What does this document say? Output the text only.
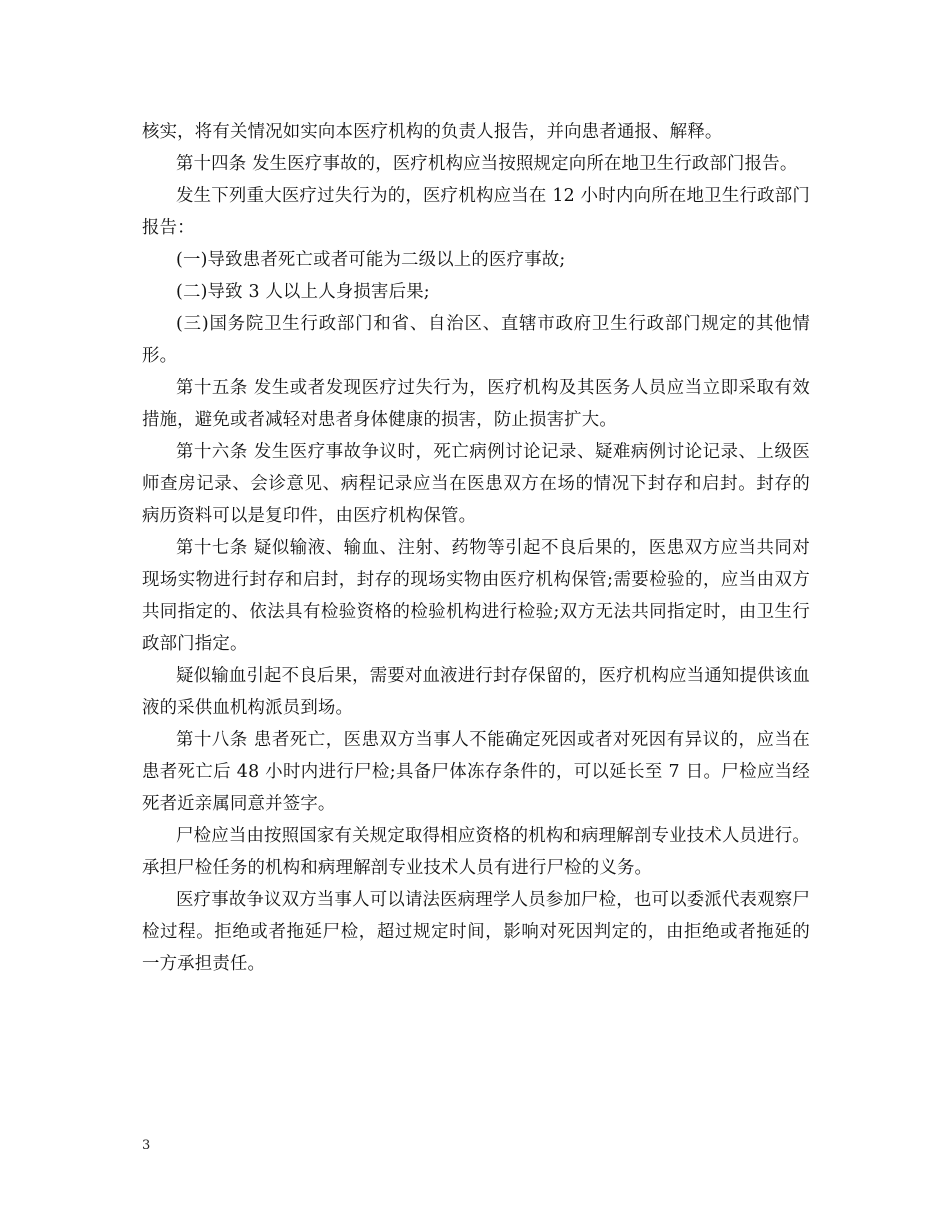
核实，将有关情况如实向本医疗机构的负责人报告，并向患者通报、解释。

第十四条 发生医疗事故的，医疗机构应当按照规定向所在地卫生行政部门报告。

发生下列重大医疗过失行为的，医疗机构应当在 12 小时内向所在地卫生行政部门报告：

(一)导致患者死亡或者可能为二级以上的医疗事故;

(二)导致 3 人以上人身损害后果;

(三)国务院卫生行政部门和省、自治区、直辖市政府卫生行政部门规定的其他情形。

第十五条 发生或者发现医疗过失行为，医疗机构及其医务人员应当立即采取有效措施，避免或者减轻对患者身体健康的损害，防止损害扩大。

第十六条 发生医疗事故争议时，死亡病例讨论记录、疑难病例讨论记录、上级医师查房记录、会诊意见、病程记录应当在医患双方在场的情况下封存和启封。封存的病历资料可以是复印件，由医疗机构保管。

第十七条 疑似输液、输血、注射、药物等引起不良后果的，医患双方应当共同对现场实物进行封存和启封，封存的现场实物由医疗机构保管;需要检验的，应当由双方共同指定的、依法具有检验资格的检验机构进行检验;双方无法共同指定时，由卫生行政部门指定。

疑似输血引起不良后果，需要对血液进行封存保留的，医疗机构应当通知提供该血液的采供血机构派员到场。

第十八条 患者死亡，医患双方当事人不能确定死因或者对死因有异议的，应当在患者死亡后 48 小时内进行尸检;具备尸体冻存条件的，可以延长至 7 日。尸检应当经死者近亲属同意并签字。

尸检应当由按照国家有关规定取得相应资格的机构和病理解剖专业技术人员进行。承担尸检任务的机构和病理解剖专业技术人员有进行尸检的义务。

医疗事故争议双方当事人可以请法医病理学人员参加尸检，也可以委派代表观察尸检过程。拒绝或者拖延尸检，超过规定时间，影响对死因判定的，由拒绝或者拖延的一方承担责任。

3
